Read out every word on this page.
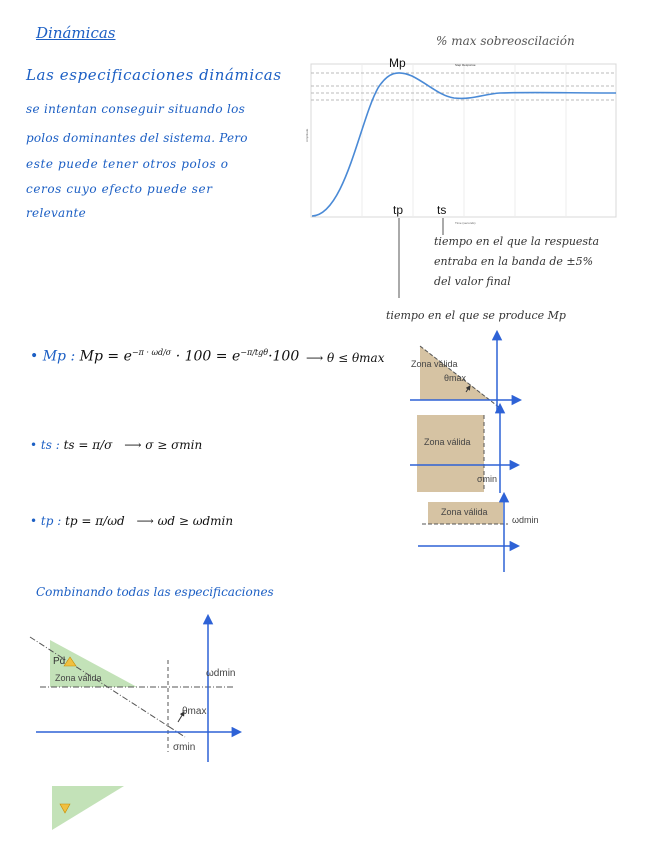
Dinámicas
Las especificaciones dinámicas
se intentan conseguir situando los
polos dominantes del sistema. Pero
este puede tener otros polos o
ceros cuyo efecto puede ser
relevante
% max sobreoscilación
Step Response
Time (seconds)
Amplitude
Mp
tp	ts
tiempo en el que la respuesta
entraba en la banda de ±5%
del valor final
tiempo en el que se produce Mp
• Mp : $Mp = e^{-\pi \cdot \omega d/\sigma} \cdot 100 = e^{-\pi/tg\theta}\cdot 100$ ⟶ θ ≤ θmax
• ts : ts = π/σ ⟶ σ ≥ σmin
• tp : tp = π/ωd ⟶ ωd ≥ ωdmin
Zona válida
θmax
Zona válida
σmin
Zona válida
ωdmin
Combinando todas las especificaciones
Pd
Zona válida	ωdmin
θmax
σmin
